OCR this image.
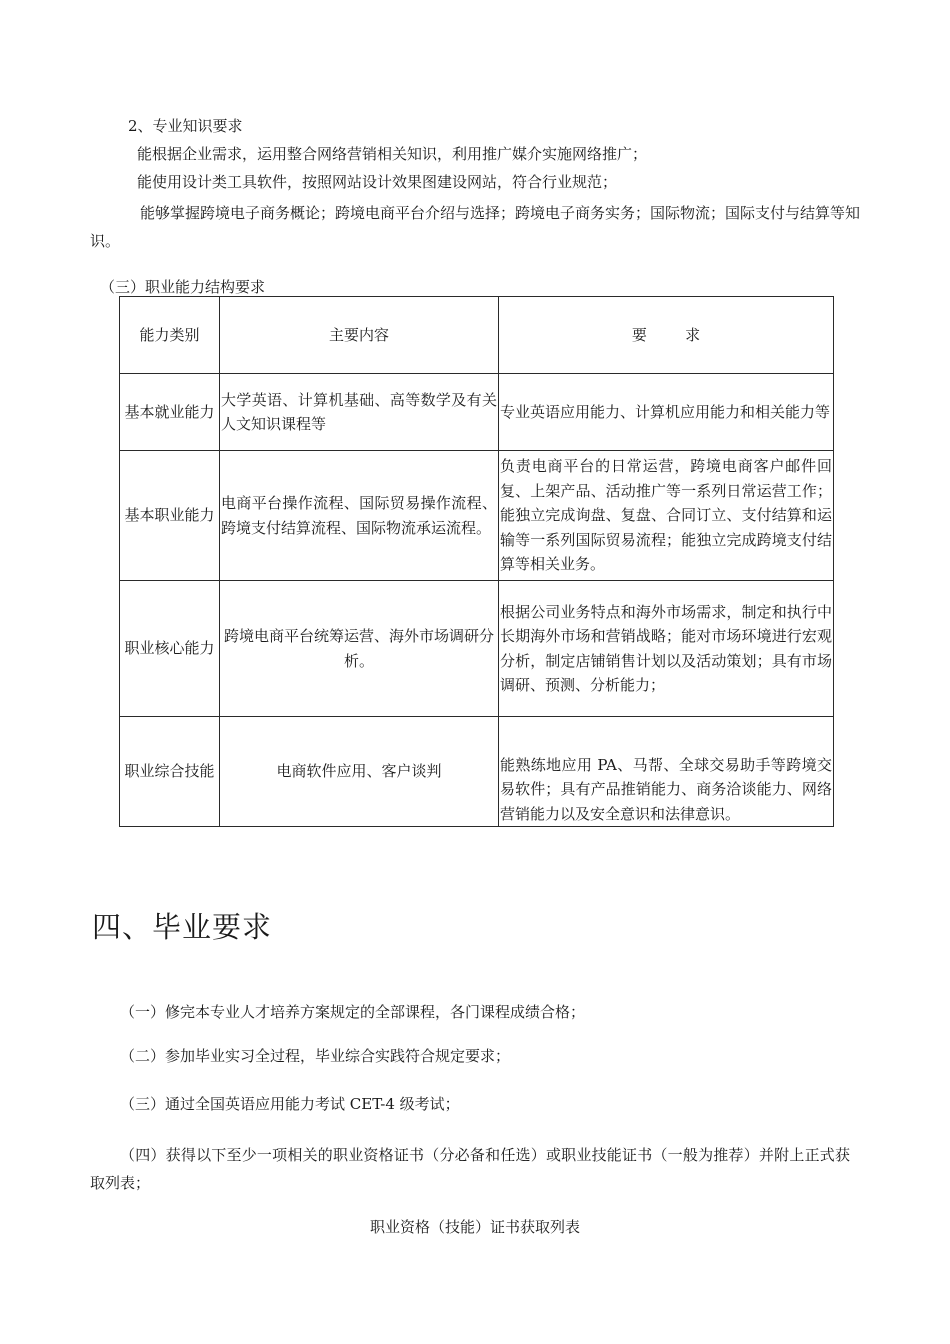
2、专业知识要求
能根据企业需求，运用整合网络营销相关知识，利用推广媒介实施网络推广；
能使用设计类工具软件，按照网站设计效果图建设网站，符合行业规范；
能够掌握跨境电子商务概论；跨境电商平台介绍与选择；跨境电子商务实务；国际物流；国际支付与结算等知识。
（三）职业能力结构要求
能力类别	主要内容	要        求
基本就业能力	大学英语、计算机基础、高等数学及有关人文知识课程等	专业英语应用能力、计算机应用能力和相关能力等
基本职业能力	电商平台操作流程、国际贸易操作流程、跨境支付结算流程、国际物流承运流程。	负责电商平台的日常运营，跨境电商客户邮件回复、上架产品、活动推广等一系列日常运营工作；能独立完成询盘、复盘、合同订立、支付结算和运输等一系列国际贸易流程；能独立完成跨境支付结算等相关业务。
职业核心能力	跨境电商平台统筹运营、海外市场调研分析。	根据公司业务特点和海外市场需求，制定和执行中长期海外市场和营销战略；能对市场环境进行宏观分析，制定店铺销售计划以及活动策划；具有市场调研、预测、分析能力；
职业综合技能	电商软件应用、客户谈判	能熟练地应用 PA、马帮、全球交易助手等跨境交易软件；具有产品推销能力、商务洽谈能力、网络营销能力以及安全意识和法律意识。
四、毕业要求
（一）修完本专业人才培养方案规定的全部课程，各门课程成绩合格；
（二）参加毕业实习全过程，毕业综合实践符合规定要求；
（三）通过全国英语应用能力考试 CET-4 级考试；
（四）获得以下至少一项相关的职业资格证书（分必备和任选）或职业技能证书（一般为推荐）并附上正式获取列表；
职业资格（技能）证书获取列表
